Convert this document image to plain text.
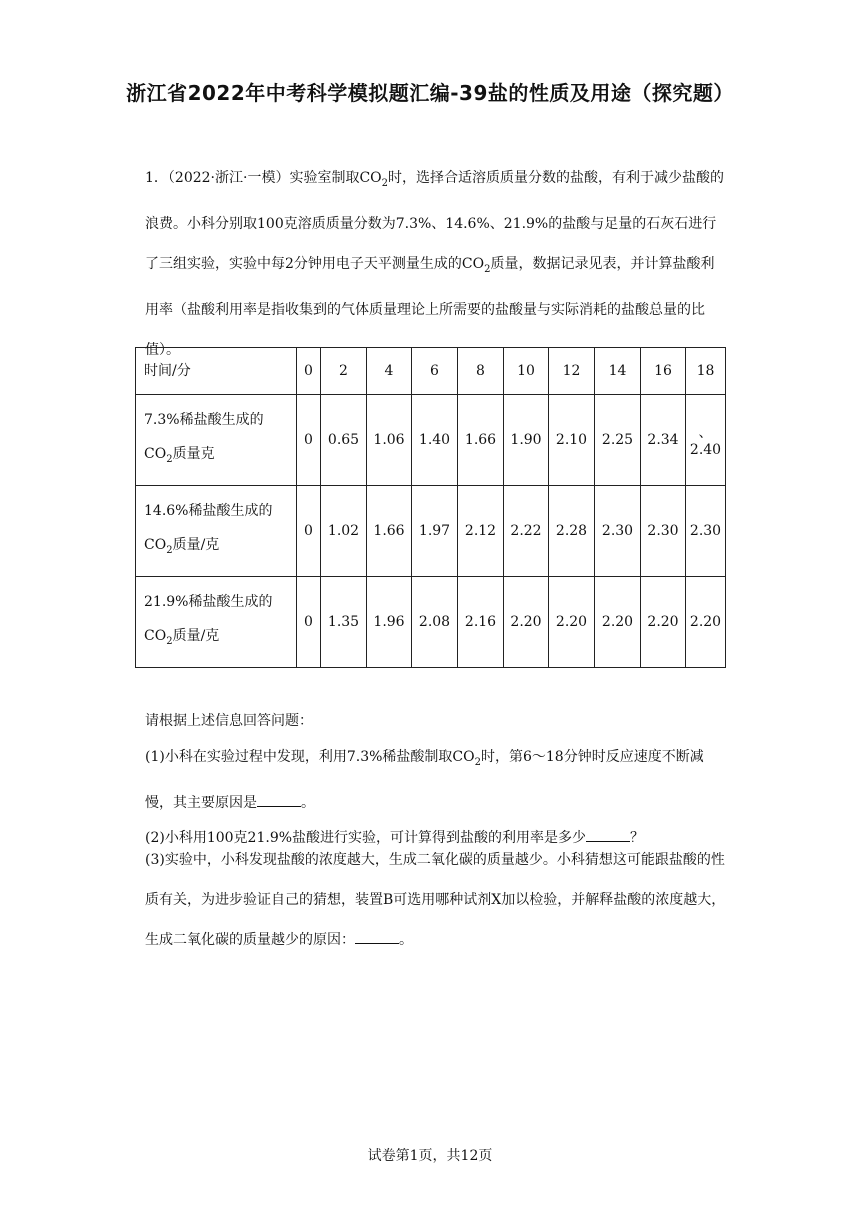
浙江省2022年中考科学模拟题汇编-39盐的性质及用途（探究题）

1．（2022·浙江·一模）实验室制取$CO_2$时，选择合适溶质质量分数的盐酸，有利于减少盐酸的浪费。小科分别取100克溶质质量分数为7.3%、14.6%、21.9%的盐酸与足量的石灰石进行了三组实验，实验中每2分钟用电子天平测量生成的$CO_2$质量，数据记录见表，并计算盐酸利用率（盐酸利用率是指收集到的气体质量理论上所需要的盐酸量与实际消耗的盐酸总量的比值）。

时间/分	0	2	4	6	8	10	12	14	16	18
7.3%稀盐酸生成的
$CO_2$质量克	0	0.65	1.06	1.40	1.66	1.90	2.10	2.25	2.34	、2.40
14.6%稀盐酸生成的
$CO_2$质量/克	0	1.02	1.66	1.97	2.12	2.22	2.28	2.30	2.30	2.30
21.9%稀盐酸生成的
$CO_2$质量/克	0	1.35	1.96	2.08	2.16	2.20	2.20	2.20	2.20	2.20

请根据上述信息回答问题：

(1)小科在实验过程中发现，利用7.3%稀盐酸制取$CO_2$时，第6～18分钟时反应速度不断减慢，其主要原因是	。

(2)小科用100克21.9%盐酸进行实验，可计算得到盐酸的利用率是多少	？

(3)实验中，小科发现盐酸的浓度越大，生成二氧化碳的质量越少。小科猜想这可能跟盐酸的性质有关，为进步验证自己的猜想，装置B可选用哪种试剂X加以检验，并解释盐酸的浓度越大，生成二氧化碳的质量越少的原因：	。

试卷第1页，共12页
